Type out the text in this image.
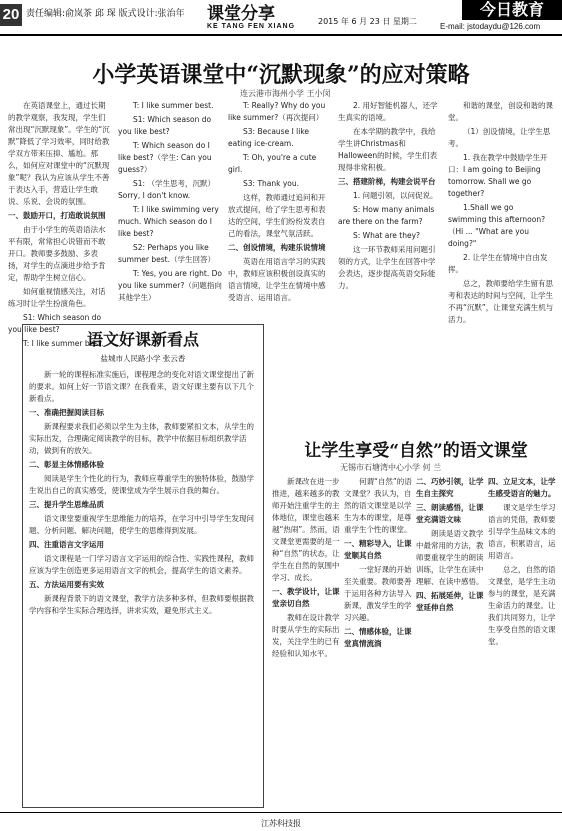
20 责任编辑:俞岚茶 邱 琛 版式设计:张治年 课堂分享
KE TANG FEN XIANG
2015 年 6 月 23 日 星期二
今日教育
E-mail: jstodaydu@126.com
小学英语课堂中“沉默现象”的应对策略
连云港市海州小学 王小闵

在英语课堂上，通过长期的教学观察，我发现，学生们常出现“沉默现象”。学生的“沉默”降低了学习效率，同时给教学双方带来压抑、尴尬。那么，如何应对课堂中的“沉默现象”呢？我认为应该从学生不善于表达入手，营造让学生敢说、乐说、会说的氛围。

一、鼓励开口，打造敢说氛围

由于小学生的英语语法水平有限，常常担心说错而不敢开口。教师要多鼓励、多表扬，对学生的点滴进步给予肯定，帮助学生树立信心。

如何重视情感关注，对话练习时让学生扮演角色。

S1: Which season do you like best?

T: I like summer best.

T: I like summer best.

S1: Which season do you like best?

T: Which season do I like best?（学生: Can you guess?）

S1: （学生思考，沉默）Sorry, I don't know.

T: I like swimming very much. Which season do I like best?

S2: Perhaps you like summer best.（学生回答）

T: Yes, you are right. Do you like summer?（问题指向其他学生）

T: Really? Why do you like summer?（再次提问）

S3: Because I like eating ice-cream.

T: Oh, you're a cute girl.

S3: Thank you.

这样，教师通过追问和开放式提问，给了学生思考和表达的空间，学生们纷纷发表自己的看法，课堂气氛活跃。

二、创设情境，构建乐说情境

英语在用语言学习的实践中，教师应该积极创设真实的语言情境，让学生在情境中感受语言、运用语言。

2. 用好智能机器人，还学生真实的语境。

在本学期的教学中，我给学生讲Christmas和Halloween的时候，学生们表现得非常积极。

三、搭建阶梯，构建会说平台

1. 问题引领，以问促说。

S: How many animals are there on the farm?

S: What are they?

这一环节教师采用问题引领的方式，让学生在回答中学会表达，逐步提高英语交际能力。

和谐的课堂，创设和谐的课堂。

（1）创设情境，让学生思考。

1. 我在教学中鼓励学生开口：I am going to Beijing tomorrow. Shall we go together?

1.Shall we go swimming this afternoon? （Hi ... "What are you doing?"

2. 让学生在情境中自由发挥。

总之，教师要给学生留有思考和表达的时间与空间，让学生不再“沉默”，让课堂充满生机与活力。

语文好课新看点
盐城市人民路小学 张云香

新一轮的课程标准实施后，课程理念的变化对语文课堂提出了新的要求。如何上好一节语文课？在我看来，语文好课主要有以下几个新看点。

一、准确把握阅读目标

新课程要求我们必须以学生为主体，教师要紧扣文本，从学生的实际出发，合理确定阅读教学的目标，教学中依据目标组织教学活动，做到有的放矢。

二、彰显主体情感体验

阅读是学生个性化的行为，教师应尊重学生的独特体验，鼓励学生说出自己的真实感受，使课堂成为学生展示自我的舞台。

三、提升学生思维品质

语文课堂要重视学生思维能力的培养，在学习中引导学生发现问题、分析问题、解决问题，使学生的思维得到发展。

四、注重语言文字运用

语文课程是一门学习语言文字运用的综合性、实践性课程，教师应该为学生创造更多运用语言文字的机会，提高学生的语文素养。

五、方法运用要有实效

新课程背景下的语文课堂，教学方法多种多样，但教师要根据教学内容和学生实际合理选择，讲求实效，避免形式主义。

让学生享受“自然”的语文课堂
无锡市石塘湾中心小学 何 兰

新课改在进一步推进，越来越多的教师开始注重学生的主体地位，课堂也越来越“热闹”。然而，语文课堂更需要的是一种“自然”的状态，让学生在自然的氛围中学习、成长。

一、教学设计，让课堂亲切自然

教师在设计教学时要从学生的实际出发，关注学生的已有经验和认知水平。

何谓“自然”的语文课堂？我认为，自然的语文课堂是以学生为本的课堂，是尊重学生个性的课堂。

一、精彩导入，让课堂顺其自然

一堂好课的开始至关重要。教师要善于运用各种方法导入新课，激发学生的学习兴趣。

二、情感体验，让课堂真情流淌

二、巧妙引领，让学生自主探究

三、朗读感悟，让课堂充满语文味

朗读是语文教学中最常用的方法，教师要重视学生的朗读训练，让学生在读中理解、在读中感悟。

四、拓展延伸，让课堂延伸自然

四、立足文本，让学生感受语言的魅力。

课文是学生学习语言的凭借，教师要引导学生品味文本的语言，积累语言，运用语言。

总之，自然的语文课堂，是学生主动参与的课堂，是充满生命活力的课堂。让我们共同努力，让学生享受自然的语文课堂。

江苏科技报
